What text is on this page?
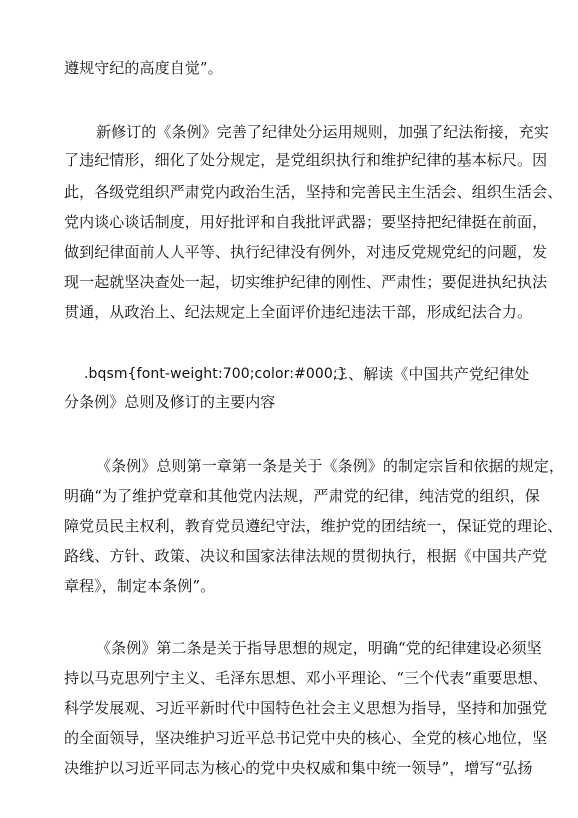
遵规守纪的高度自觉”。
新修订的《条例》完善了纪律处分运用规则，加强了纪法衔接，充实
了违纪情形，细化了处分规定，是党组织执行和维护纪律的基本标尺。因
此，各级党组织严肃党内政治生活，坚持和完善民主生活会、组织生活会、
党内谈心谈话制度，用好批评和自我批评武器；要坚持把纪律挺在前面，
做到纪律面前人人平等、执行纪律没有例外，对违反党规党纪的问题，发
现一起就坚决查处一起，切实维护纪律的刚性、严肃性；要促进执纪执法
贯通，从政治上、纪法规定上全面评价违纪违法干部，形成纪法合力。
.bqsm{font-weight:700;color:#000;}
二、解读《中国共产党纪律处
分条例》总则及修订的主要内容
《条例》总则第一章第一条是关于《条例》的制定宗旨和依据的规定，
明确“为了维护党章和其他党内法规，严肃党的纪律，纯洁党的组织，保
障党员民主权利，教育党员遵纪守法，维护党的团结统一，保证党的理论、
路线、方针、政策、决议和国家法律法规的贯彻执行，根据《中国共产党
章程》，制定本条例”。
《条例》第二条是关于指导思想的规定，明确“党的纪律建设必须坚
持以马克思列宁主义、毛泽东思想、邓小平理论、“三个代表”重要思想、
科学发展观、习近平新时代中国特色社会主义思想为指导，坚持和加强党
的全面领导，坚决维护习近平总书记党中央的核心、全党的核心地位，坚
决维护以习近平同志为核心的党中央权威和集中统一领导”，增写“弘扬
